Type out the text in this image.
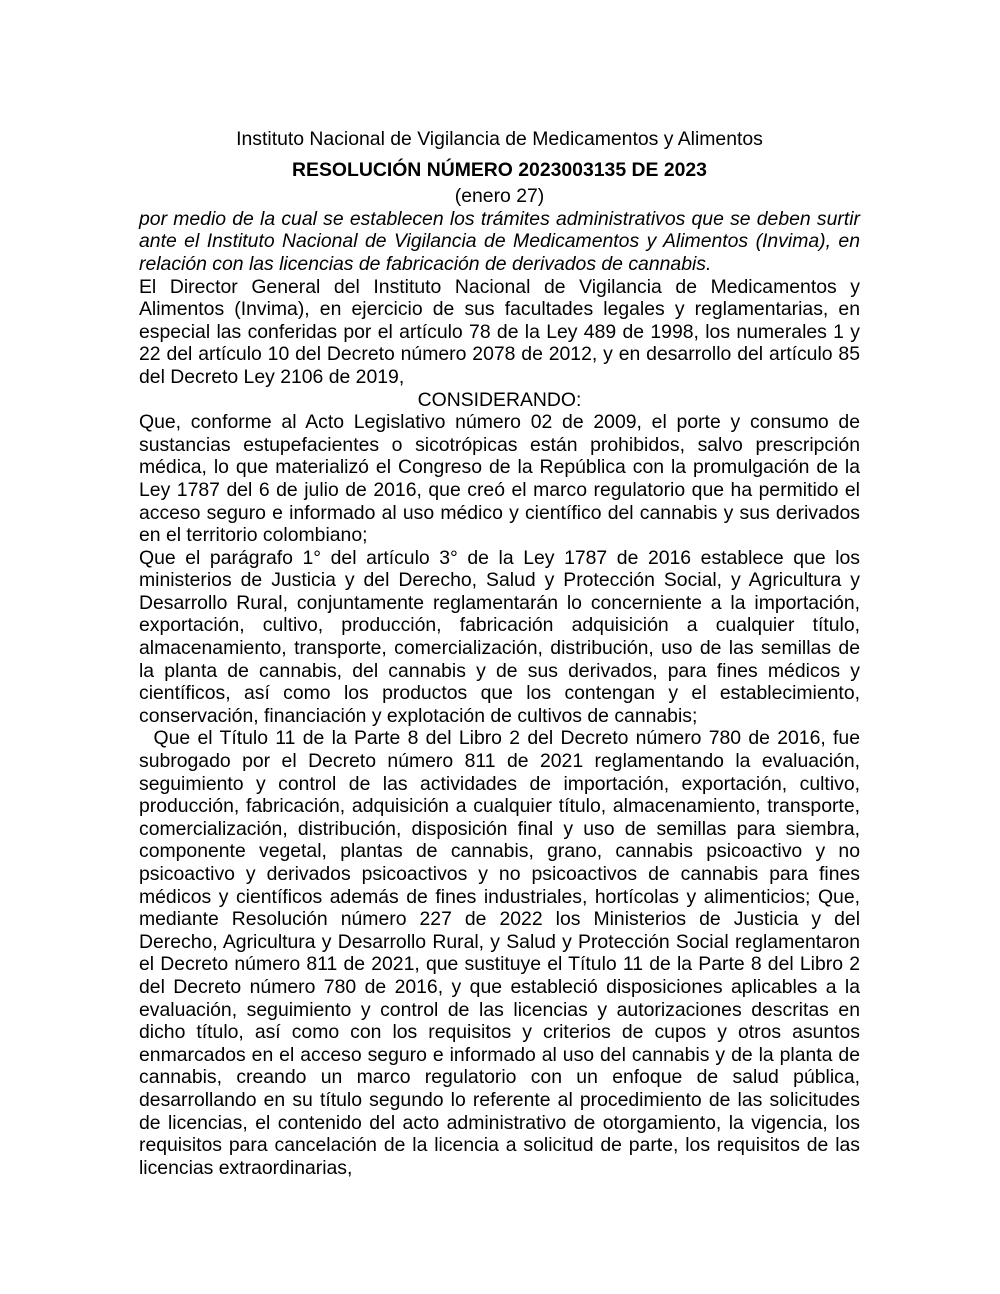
Instituto Nacional de Vigilancia de Medicamentos y Alimentos
RESOLUCIÓN NÚMERO 2023003135 DE 2023
(enero 27)

por medio de la cual se establecen los trámites administrativos que se deben surtir ante el Instituto Nacional de Vigilancia de Medicamentos y Alimentos (Invima), en relación con las licencias de fabricación de derivados de cannabis.

El Director General del Instituto Nacional de Vigilancia de Medicamentos y Alimentos (Invima), en ejercicio de sus facultades legales y reglamentarias, en especial las conferidas por el artículo 78 de la Ley 489 de 1998, los numerales 1 y 22 del artículo 10 del Decreto número 2078 de 2012, y en desarrollo del artículo 85 del Decreto Ley 2106 de 2019,

CONSIDERANDO:

Que, conforme al Acto Legislativo número 02 de 2009, el porte y consumo de sustancias estupefacientes o sicotrópicas están prohibidos, salvo prescripción médica, lo que materializó el Congreso de la República con la promulgación de la Ley 1787 del 6 de julio de 2016, que creó el marco regulatorio que ha permitido el acceso seguro e informado al uso médico y científico del cannabis y sus derivados en el territorio colombiano;

Que el parágrafo 1° del artículo 3° de la Ley 1787 de 2016 establece que los ministerios de Justicia y del Derecho, Salud y Protección Social, y Agricultura y Desarrollo Rural, conjuntamente reglamentarán lo concerniente a la importación, exportación, cultivo, producción, fabricación adquisición a cualquier título, almacenamiento, transporte, comercialización, distribución, uso de las semillas de la planta de cannabis, del cannabis y de sus derivados, para fines médicos y científicos, así como los productos que los contengan y el establecimiento, conservación, financiación y explotación de cultivos de cannabis;

Que el Título 11 de la Parte 8 del Libro 2 del Decreto número 780 de 2016, fue subrogado por el Decreto número 811 de 2021 reglamentando la evaluación, seguimiento y control de las actividades de importación, exportación, cultivo, producción, fabricación, adquisición a cualquier título, almacenamiento, transporte, comercialización, distribución, disposición final y uso de semillas para siembra, componente vegetal, plantas de cannabis, grano, cannabis psicoactivo y no psicoactivo y derivados psicoactivos y no psicoactivos de cannabis para fines médicos y científicos además de fines industriales, hortícolas y alimenticios; Que, mediante Resolución número 227 de 2022 los Ministerios de Justicia y del Derecho, Agricultura y Desarrollo Rural, y Salud y Protección Social reglamentaron el Decreto número 811 de 2021, que sustituye el Título 11 de la Parte 8 del Libro 2 del Decreto número 780 de 2016, y que estableció disposiciones aplicables a la evaluación, seguimiento y control de las licencias y autorizaciones descritas en dicho título, así como con los requisitos y criterios de cupos y otros asuntos enmarcados en el acceso seguro e informado al uso del cannabis y de la planta de cannabis, creando un marco regulatorio con un enfoque de salud pública, desarrollando en su título segundo lo referente al procedimiento de las solicitudes de licencias, el contenido del acto administrativo de otorgamiento, la vigencia, los requisitos para cancelación de la licencia a solicitud de parte, los requisitos de las licencias extraordinarias,
